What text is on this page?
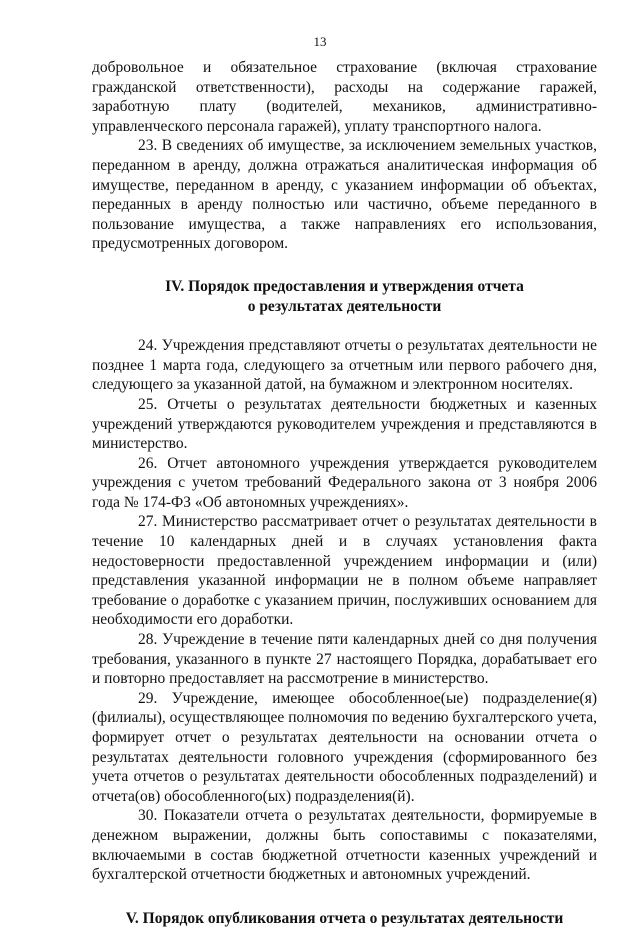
13

добровольное и обязательное страхование (включая страхование гражданской ответственности), расходы на содержание гаражей, заработную плату (водителей, механиков, административно-управленческого персонала гаражей), уплату транспортного налога.

23. В сведениях об имуществе, за исключением земельных участков, переданном в аренду, должна отражаться аналитическая информация об имуществе, переданном в аренду, с указанием информации об объектах, переданных в аренду полностью или частично, объеме переданного в пользование имущества, а также направлениях его использования, предусмотренных договором.

IV. Порядок предоставления и утверждения отчета
о результатах деятельности

24. Учреждения представляют отчеты о результатах деятельности не позднее 1 марта года, следующего за отчетным или первого рабочего дня, следующего за указанной датой, на бумажном и электронном носителях.

25. Отчеты о результатах деятельности бюджетных и казенных учреждений утверждаются руководителем учреждения и представляются в министерство.

26. Отчет автономного учреждения утверждается руководителем учреждения с учетом требований Федерального закона от 3 ноября 2006 года № 174-ФЗ «Об автономных учреждениях».

27. Министерство рассматривает отчет о результатах деятельности в течение 10 календарных дней и в случаях установления факта недостоверности предоставленной учреждением информации и (или) представления указанной информации не в полном объеме направляет требование о доработке с указанием причин, послуживших основанием для необходимости его доработки.

28. Учреждение в течение пяти календарных дней со дня получения требования, указанного в пункте 27 настоящего Порядка, дорабатывает его и повторно предоставляет на рассмотрение в министерство.

29. Учреждение, имеющее обособленное(ые) подразделение(я) (филиалы), осуществляющее полномочия по ведению бухгалтерского учета, формирует отчет о результатах деятельности на основании отчета о результатах деятельности головного учреждения (сформированного без учета отчетов о результатах деятельности обособленных подразделений) и отчета(ов) обособленного(ых) подразделения(й).

30. Показатели отчета о результатах деятельности, формируемые в денежном выражении, должны быть сопоставимы с показателями, включаемыми в состав бюджетной отчетности казенных учреждений и бухгалтерской отчетности бюджетных и автономных учреждений.

V. Порядок опубликования отчета о результатах деятельности
